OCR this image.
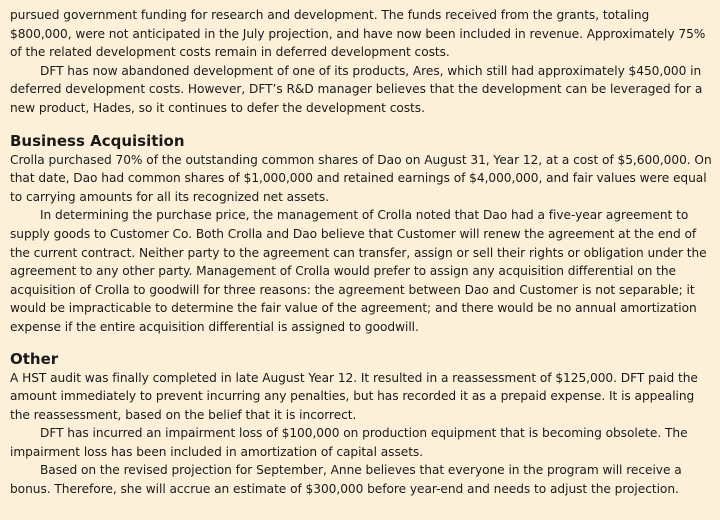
pursued government funding for research and development. The funds received from the grants, totaling $800,000, were not anticipated in the July projection, and have now been included in revenue. Approximately 75% of the related development costs remain in deferred development costs.

DFT has now abandoned development of one of its products, Ares, which still had approximately $450,000 in deferred development costs. However, DFT’s R&D manager believes that the development can be leveraged for a new product, Hades, so it continues to defer the development costs.

Business Acquisition

Crolla purchased 70% of the outstanding common shares of Dao on August 31, Year 12, at a cost of $5,600,000. On that date, Dao had common shares of $1,000,000 and retained earnings of $4,000,000, and fair values were equal to carrying amounts for all its recognized net assets.

In determining the purchase price, the management of Crolla noted that Dao had a five-year agreement to supply goods to Customer Co. Both Crolla and Dao believe that Customer will renew the agreement at the end of the current contract. Neither party to the agreement can transfer, assign or sell their rights or obligation under the agreement to any other party. Management of Crolla would prefer to assign any acquisition differential on the acquisition of Crolla to goodwill for three reasons: the agreement between Dao and Customer is not separable; it would be impracticable to determine the fair value of the agreement; and there would be no annual amortization expense if the entire acquisition differential is assigned to goodwill.

Other

A HST audit was finally completed in late August Year 12. It resulted in a reassessment of $125,000. DFT paid the amount immediately to prevent incurring any penalties, but has recorded it as a prepaid expense. It is appealing the reassessment, based on the belief that it is incorrect.

DFT has incurred an impairment loss of $100,000 on production equipment that is becoming obsolete. The impairment loss has been included in amortization of capital assets.

Based on the revised projection for September, Anne believes that everyone in the program will receive a bonus. Therefore, she will accrue an estimate of $300,000 before year-end and needs to adjust the projection.
